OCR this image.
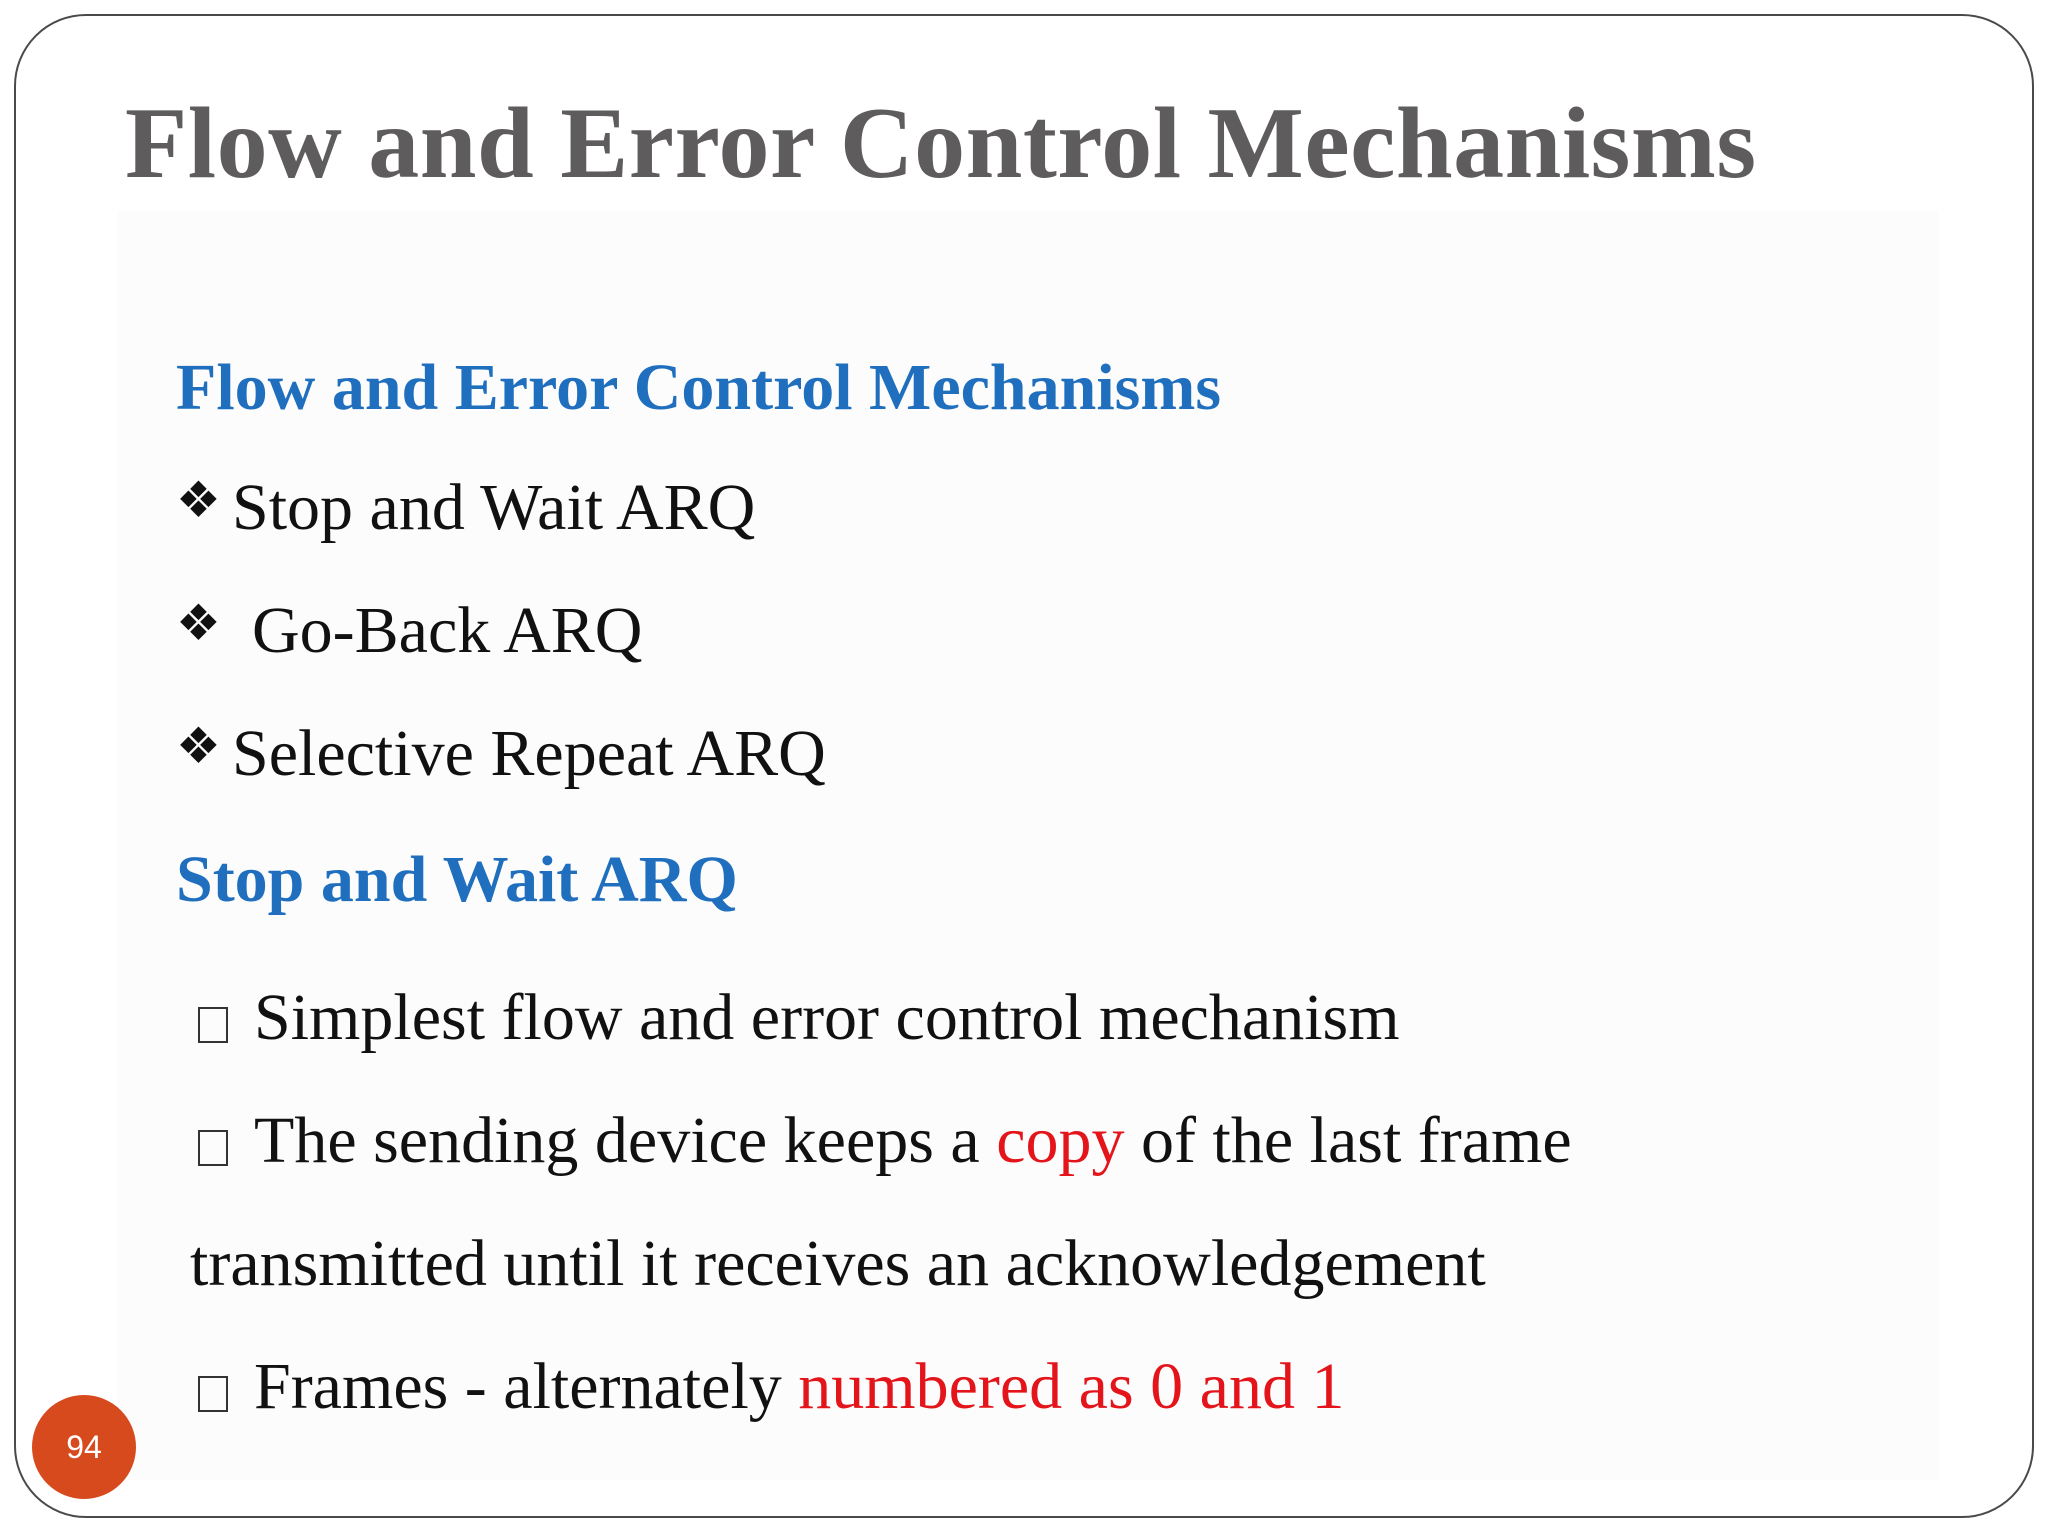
Flow and Error Control Mechanisms
Flow and Error Control Mechanisms
❖ Stop and Wait ARQ
❖ Go-Back ARQ
❖ Selective Repeat ARQ
Stop and Wait ARQ
Simplest flow and error control mechanism
The sending device keeps a copy of the last frame
transmitted until it receives an acknowledgement
Frames - alternately numbered as 0 and 1
94
